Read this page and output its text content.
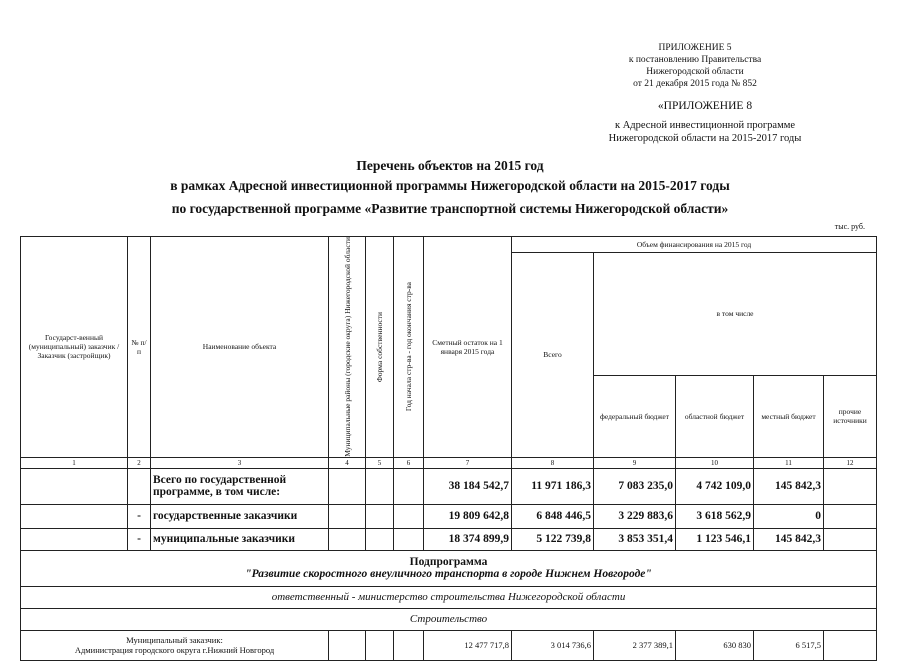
ПРИЛОЖЕНИЕ 5
к постановлению Правительства
Нижегородской области
от 21 декабря 2015 года № 852
«ПРИЛОЖЕНИЕ 8
к Адресной инвестиционной программе
Нижегородской области на 2015-2017 годы
Перечень объектов на 2015 год
в рамках Адресной инвестиционной программы Нижегородской области на 2015-2017 годы
по государственной программе «Развитие транспортной системы Нижегородской области»
тыс. руб.
Государст-венный (муниципальный) заказчик / Заказчик (застройщик)	№ п/п	Наименование объекта	Муниципальные районы (городские округа) Нижегородской области	Форма собственности	Год начала стр-ва - год окончания стр-ва	Сметный остаток на 1 января 2015 года	Объем финансирования на 2015 год				
							Всего	в том числе			
								федеральный бюджет	областной бюджет	местный бюджет	прочие источники
1	2	3	4	5	6	7	8	9	10	11	12
		Всего по государственной программе, в том числе:				38 184 542,7	11 971 186,3	7 083 235,0	4 742 109,0	145 842,3	
	-	государственные заказчики				19 809 642,8	6 848 446,5	3 229 883,6	3 618 562,9	0	
	-	муниципальные заказчики				18 374 899,9	5 122 739,8	3 853 351,4	1 123 546,1	145 842,3	

Подпрограмма
"Развитие скоростного внеуличного транспорта в городе Нижнем Новгороде"											

ответственный - министерство строительства Нижегородской области											
Строительство											

Муниципальный заказчик:
Администрация городского округа г.Нижний Новгород						12 477 717,8	3 014 736,6	2 377 389,1	630 830	6 517,5	
